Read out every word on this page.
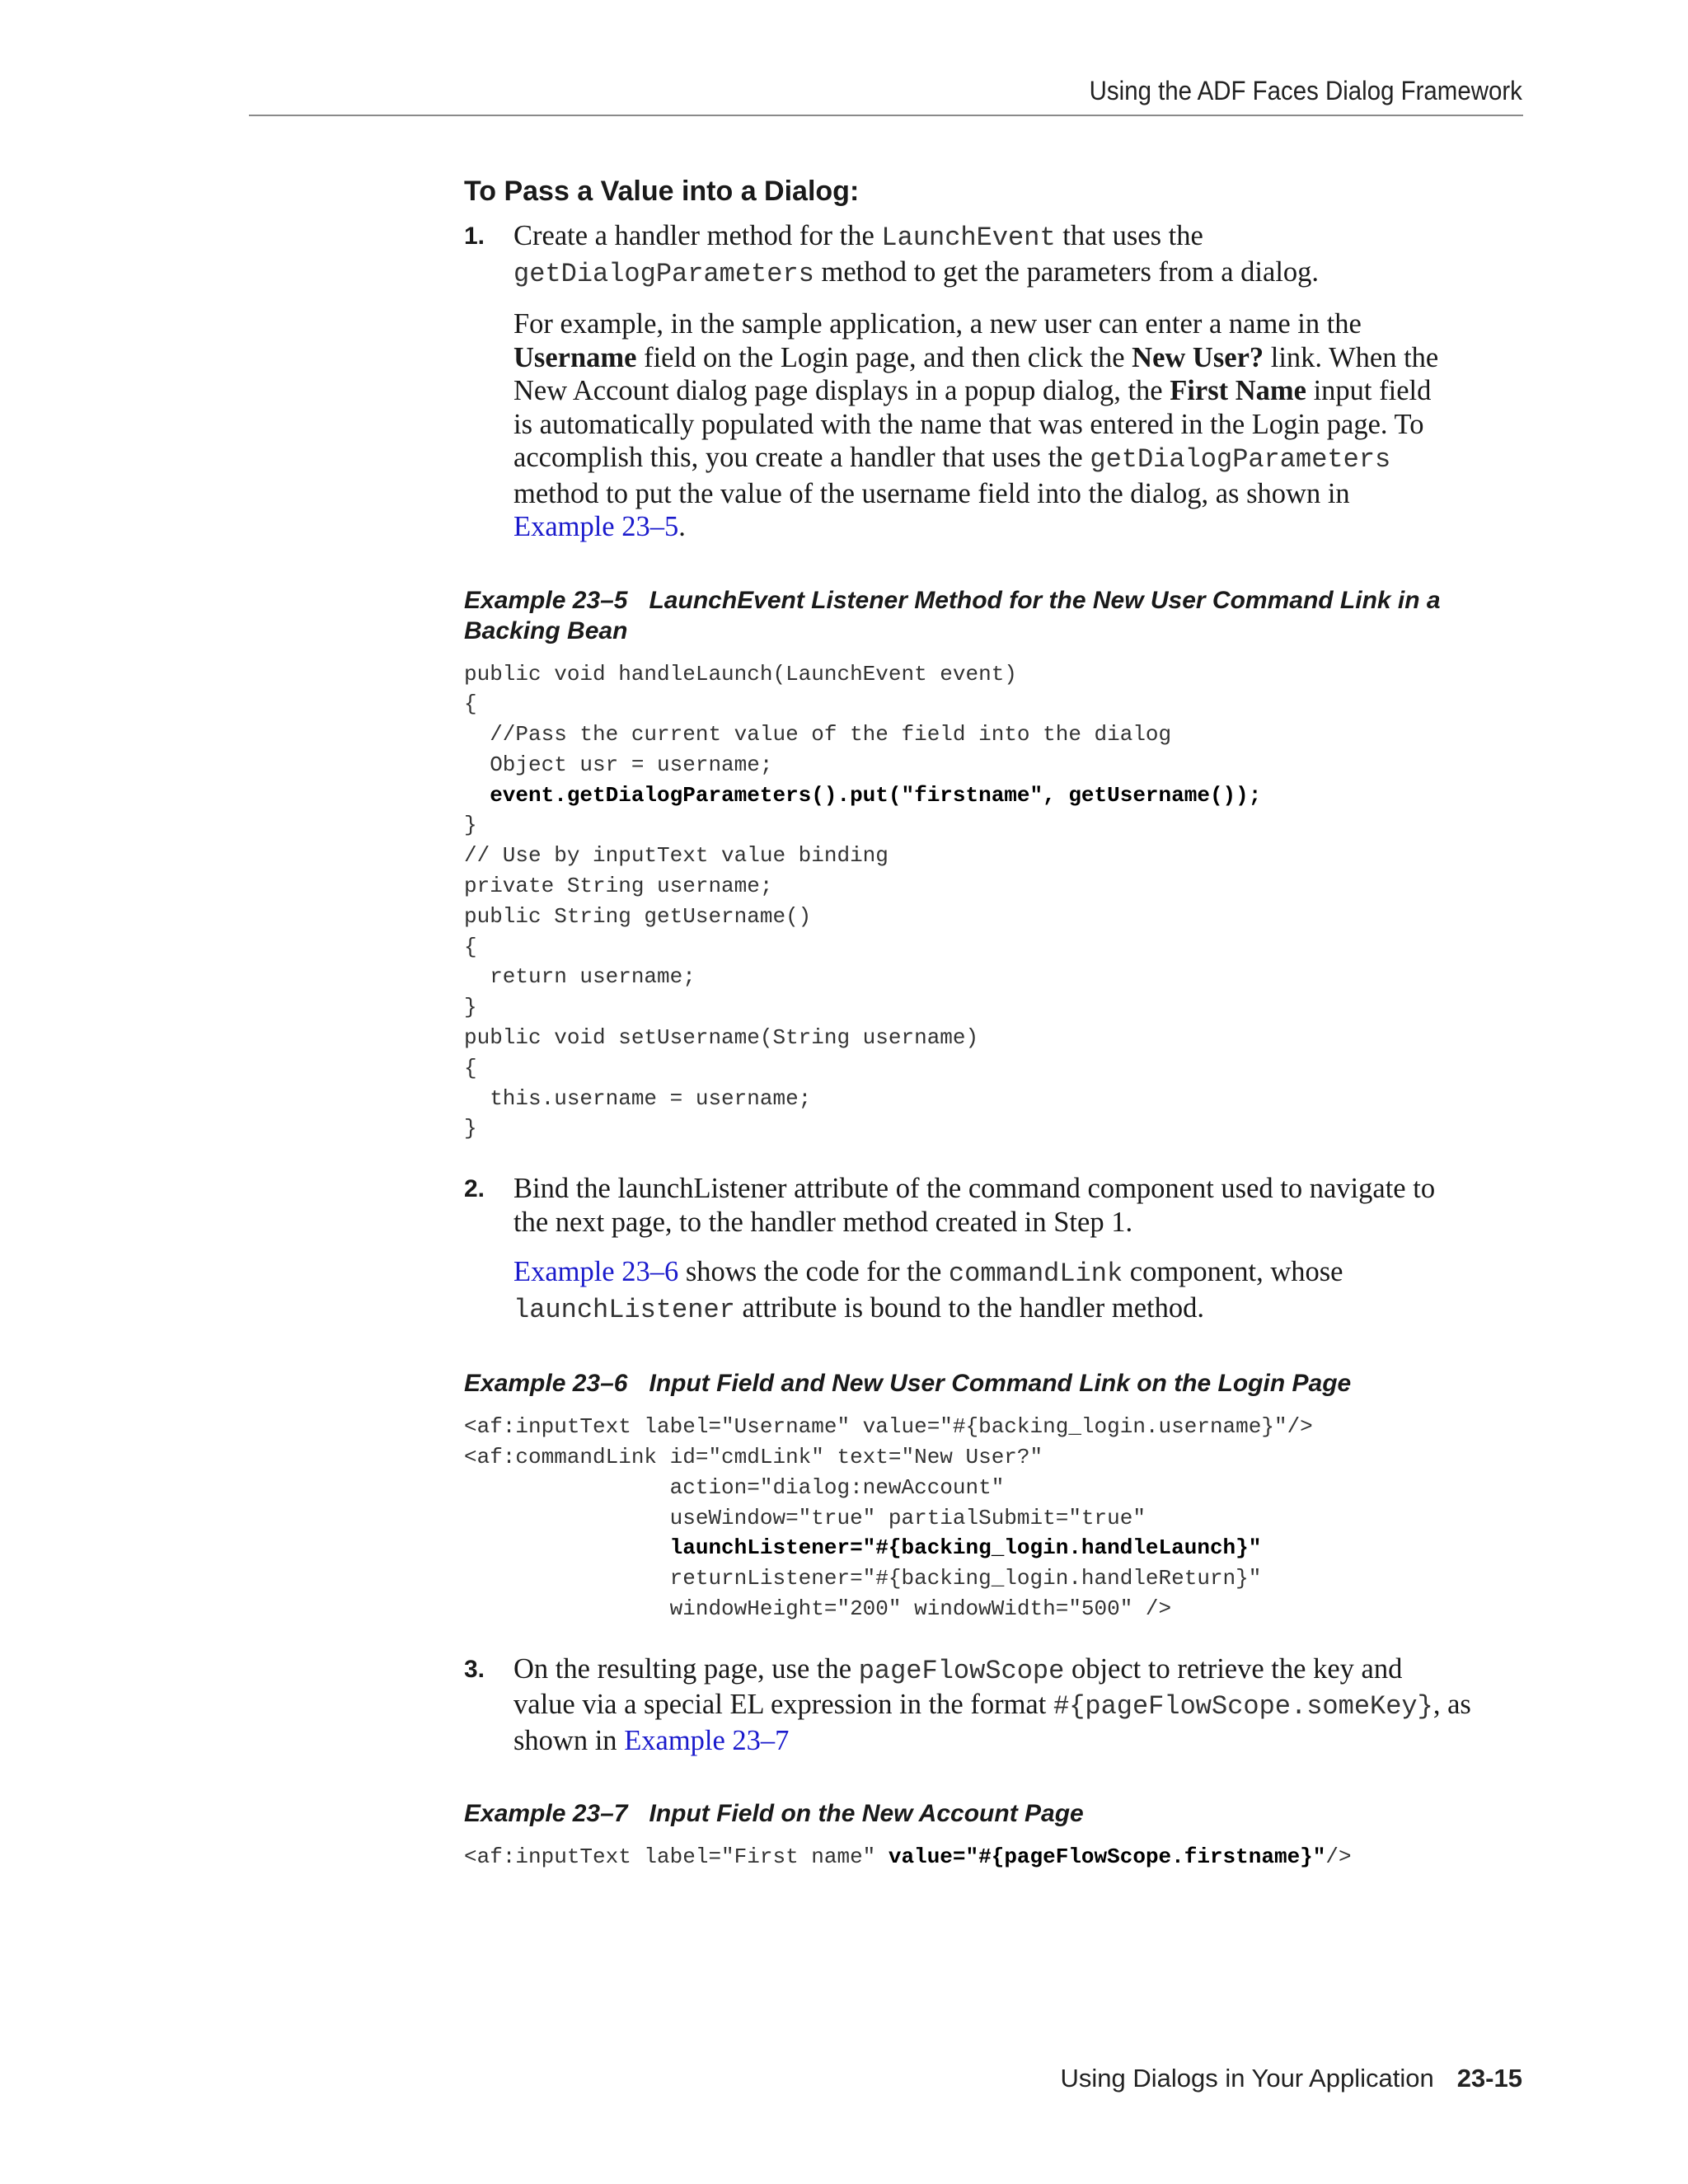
Using the ADF Faces Dialog Framework
To Pass a Value into a Dialog:
1. Create a handler method for the LaunchEvent that uses the
getDialogParameters method to get the parameters from a dialog.

For example, in the sample application, a new user can enter a name in the
Username field on the Login page, and then click the New User? link. When the
New Account dialog page displays in a popup dialog, the First Name input field
is automatically populated with the name that was entered in the Login page. To
accomplish this, you create a handler that uses the getDialogParameters
method to put the value of the username field into the dialog, as shown in
Example 23–5.

Example 23–5 LaunchEvent Listener Method for the New User Command Link in a
Backing Bean

public void handleLaunch(LaunchEvent event)
{
//Pass the current value of the field into the dialog
Object usr = username;
event.getDialogParameters().put("firstname", getUsername());
}
// Use by inputText value binding
private String username;
public String getUsername()
{
return username;
}
public void setUsername(String username)
{
this.username = username;
}
2. Bind the launchListener attribute of the command component used to navigate to
the next page, to the handler method created in Step 1.

Example 23–6 shows the code for the commandLink component, whose
launchListener attribute is bound to the handler method.

Example 23–6 Input Field and New User Command Link on the Login Page

<af:inputText label="Username" value="#{backing_login.username}"/>
<af:commandLink id="cmdLink" text="New User?"
action="dialog:newAccount"
useWindow="true" partialSubmit="true"
launchListener="#{backing_login.handleLaunch}"
returnListener="#{backing_login.handleReturn}"
windowHeight="200" windowWidth="500" />
3. On the resulting page, use the pageFlowScope object to retrieve the key and
value via a special EL expression in the format #{pageFlowScope.someKey}, as
shown in Example 23–7

Example 23–7 Input Field on the New Account Page

<af:inputText label="First name" value="#{pageFlowScope.firstname}"/>
Using Dialogs in Your Application 23-15
